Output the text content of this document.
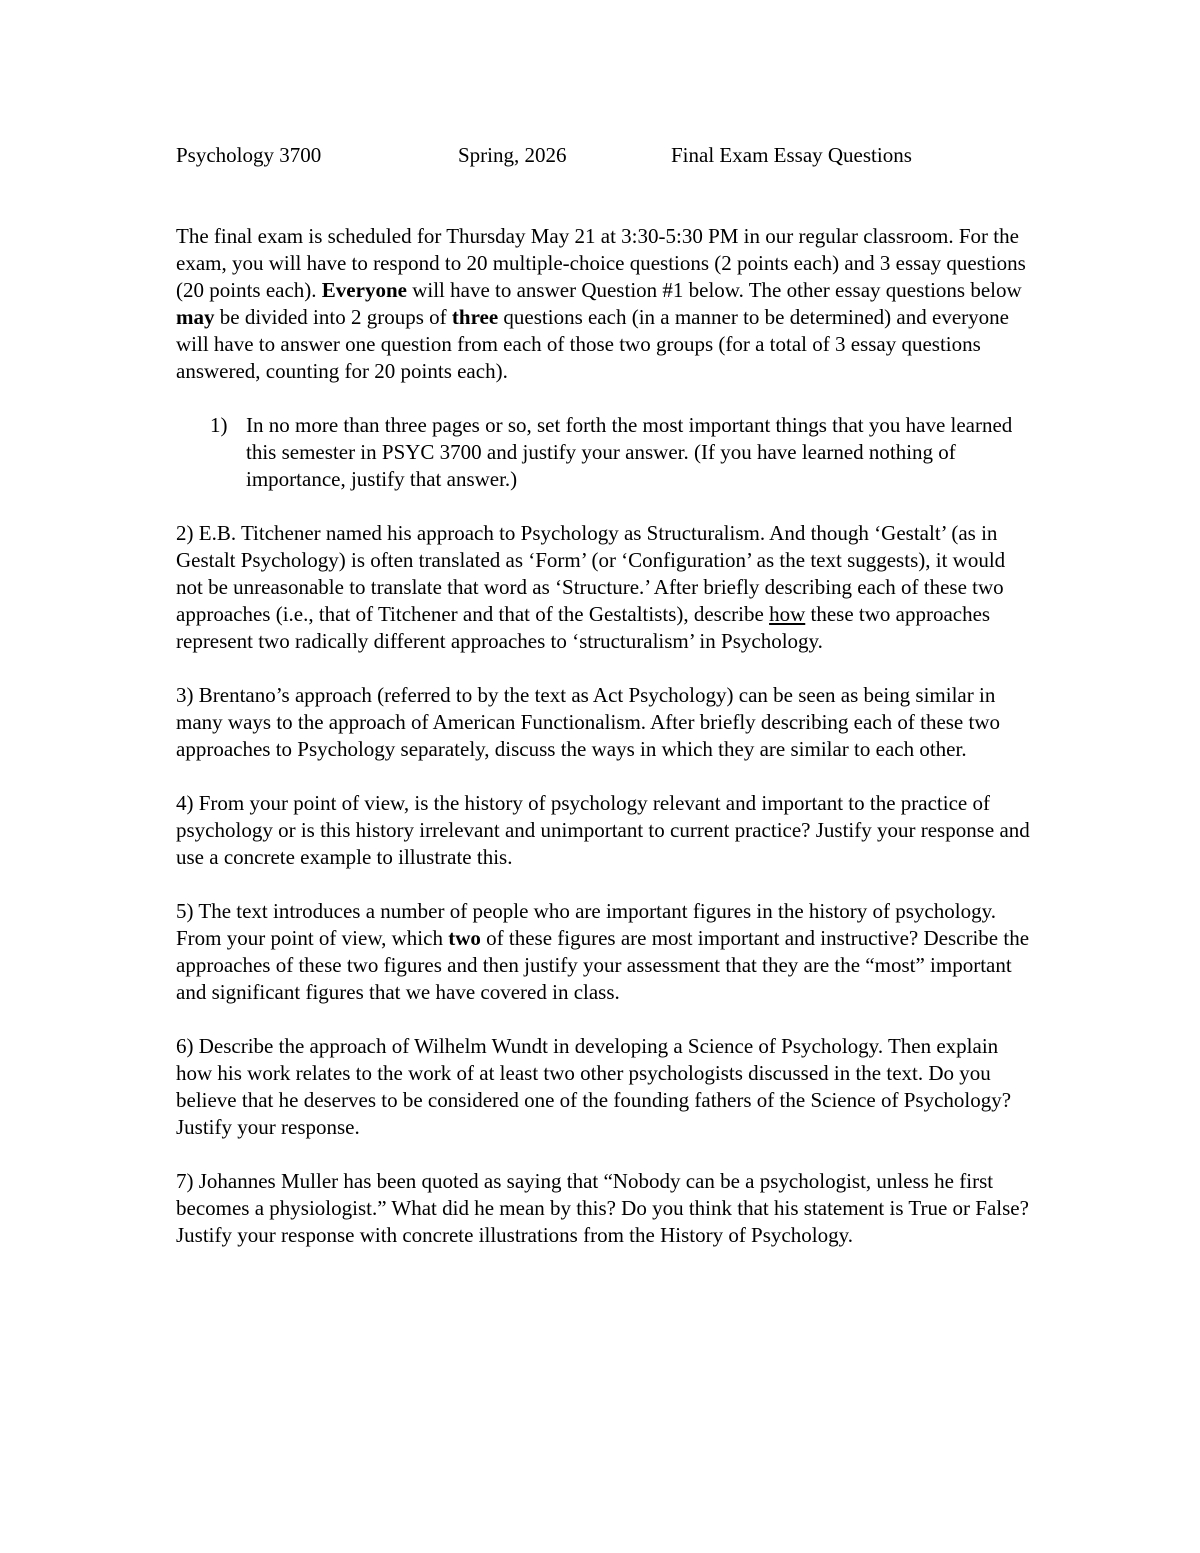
Psychology 3700	Spring, 2026	Final Exam Essay Questions

The final exam is scheduled for Thursday May 21 at 3:30-5:30 PM in our regular classroom. For the exam, you will have to respond to 20 multiple-choice questions (2 points each) and 3 essay questions (20 points each). Everyone will have to answer Question #1 below. The other essay questions below may be divided into 2 groups of three questions each (in a manner to be determined) and everyone will have to answer one question from each of those two groups (for a total of 3 essay questions answered, counting for 20 points each).

1) In no more than three pages or so, set forth the most important things that you have learned this semester in PSYC 3700 and justify your answer. (If you have learned nothing of importance, justify that answer.)

2) E.B. Titchener named his approach to Psychology as Structuralism. And though ‘Gestalt’ (as in Gestalt Psychology) is often translated as ‘Form’ (or ‘Configuration’ as the text suggests), it would not be unreasonable to translate that word as ‘Structure.’ After briefly describing each of these two approaches (i.e., that of Titchener and that of the Gestaltists), describe how these two approaches represent two radically different approaches to ‘structuralism’ in Psychology.

3) Brentano’s approach (referred to by the text as Act Psychology) can be seen as being similar in many ways to the approach of American Functionalism. After briefly describing each of these two approaches to Psychology separately, discuss the ways in which they are similar to each other.

4) From your point of view, is the history of psychology relevant and important to the practice of psychology or is this history irrelevant and unimportant to current practice? Justify your response and use a concrete example to illustrate this.

5) The text introduces a number of people who are important figures in the history of psychology. From your point of view, which two of these figures are most important and instructive? Describe the approaches of these two figures and then justify your assessment that they are the “most” important and significant figures that we have covered in class.

6) Describe the approach of Wilhelm Wundt in developing a Science of Psychology. Then explain how his work relates to the work of at least two other psychologists discussed in the text. Do you believe that he deserves to be considered one of the founding fathers of the Science of Psychology? Justify your response.

7) Johannes Muller has been quoted as saying that “Nobody can be a psychologist, unless he first becomes a physiologist.” What did he mean by this? Do you think that his statement is True or False? Justify your response with concrete illustrations from the History of Psychology.
